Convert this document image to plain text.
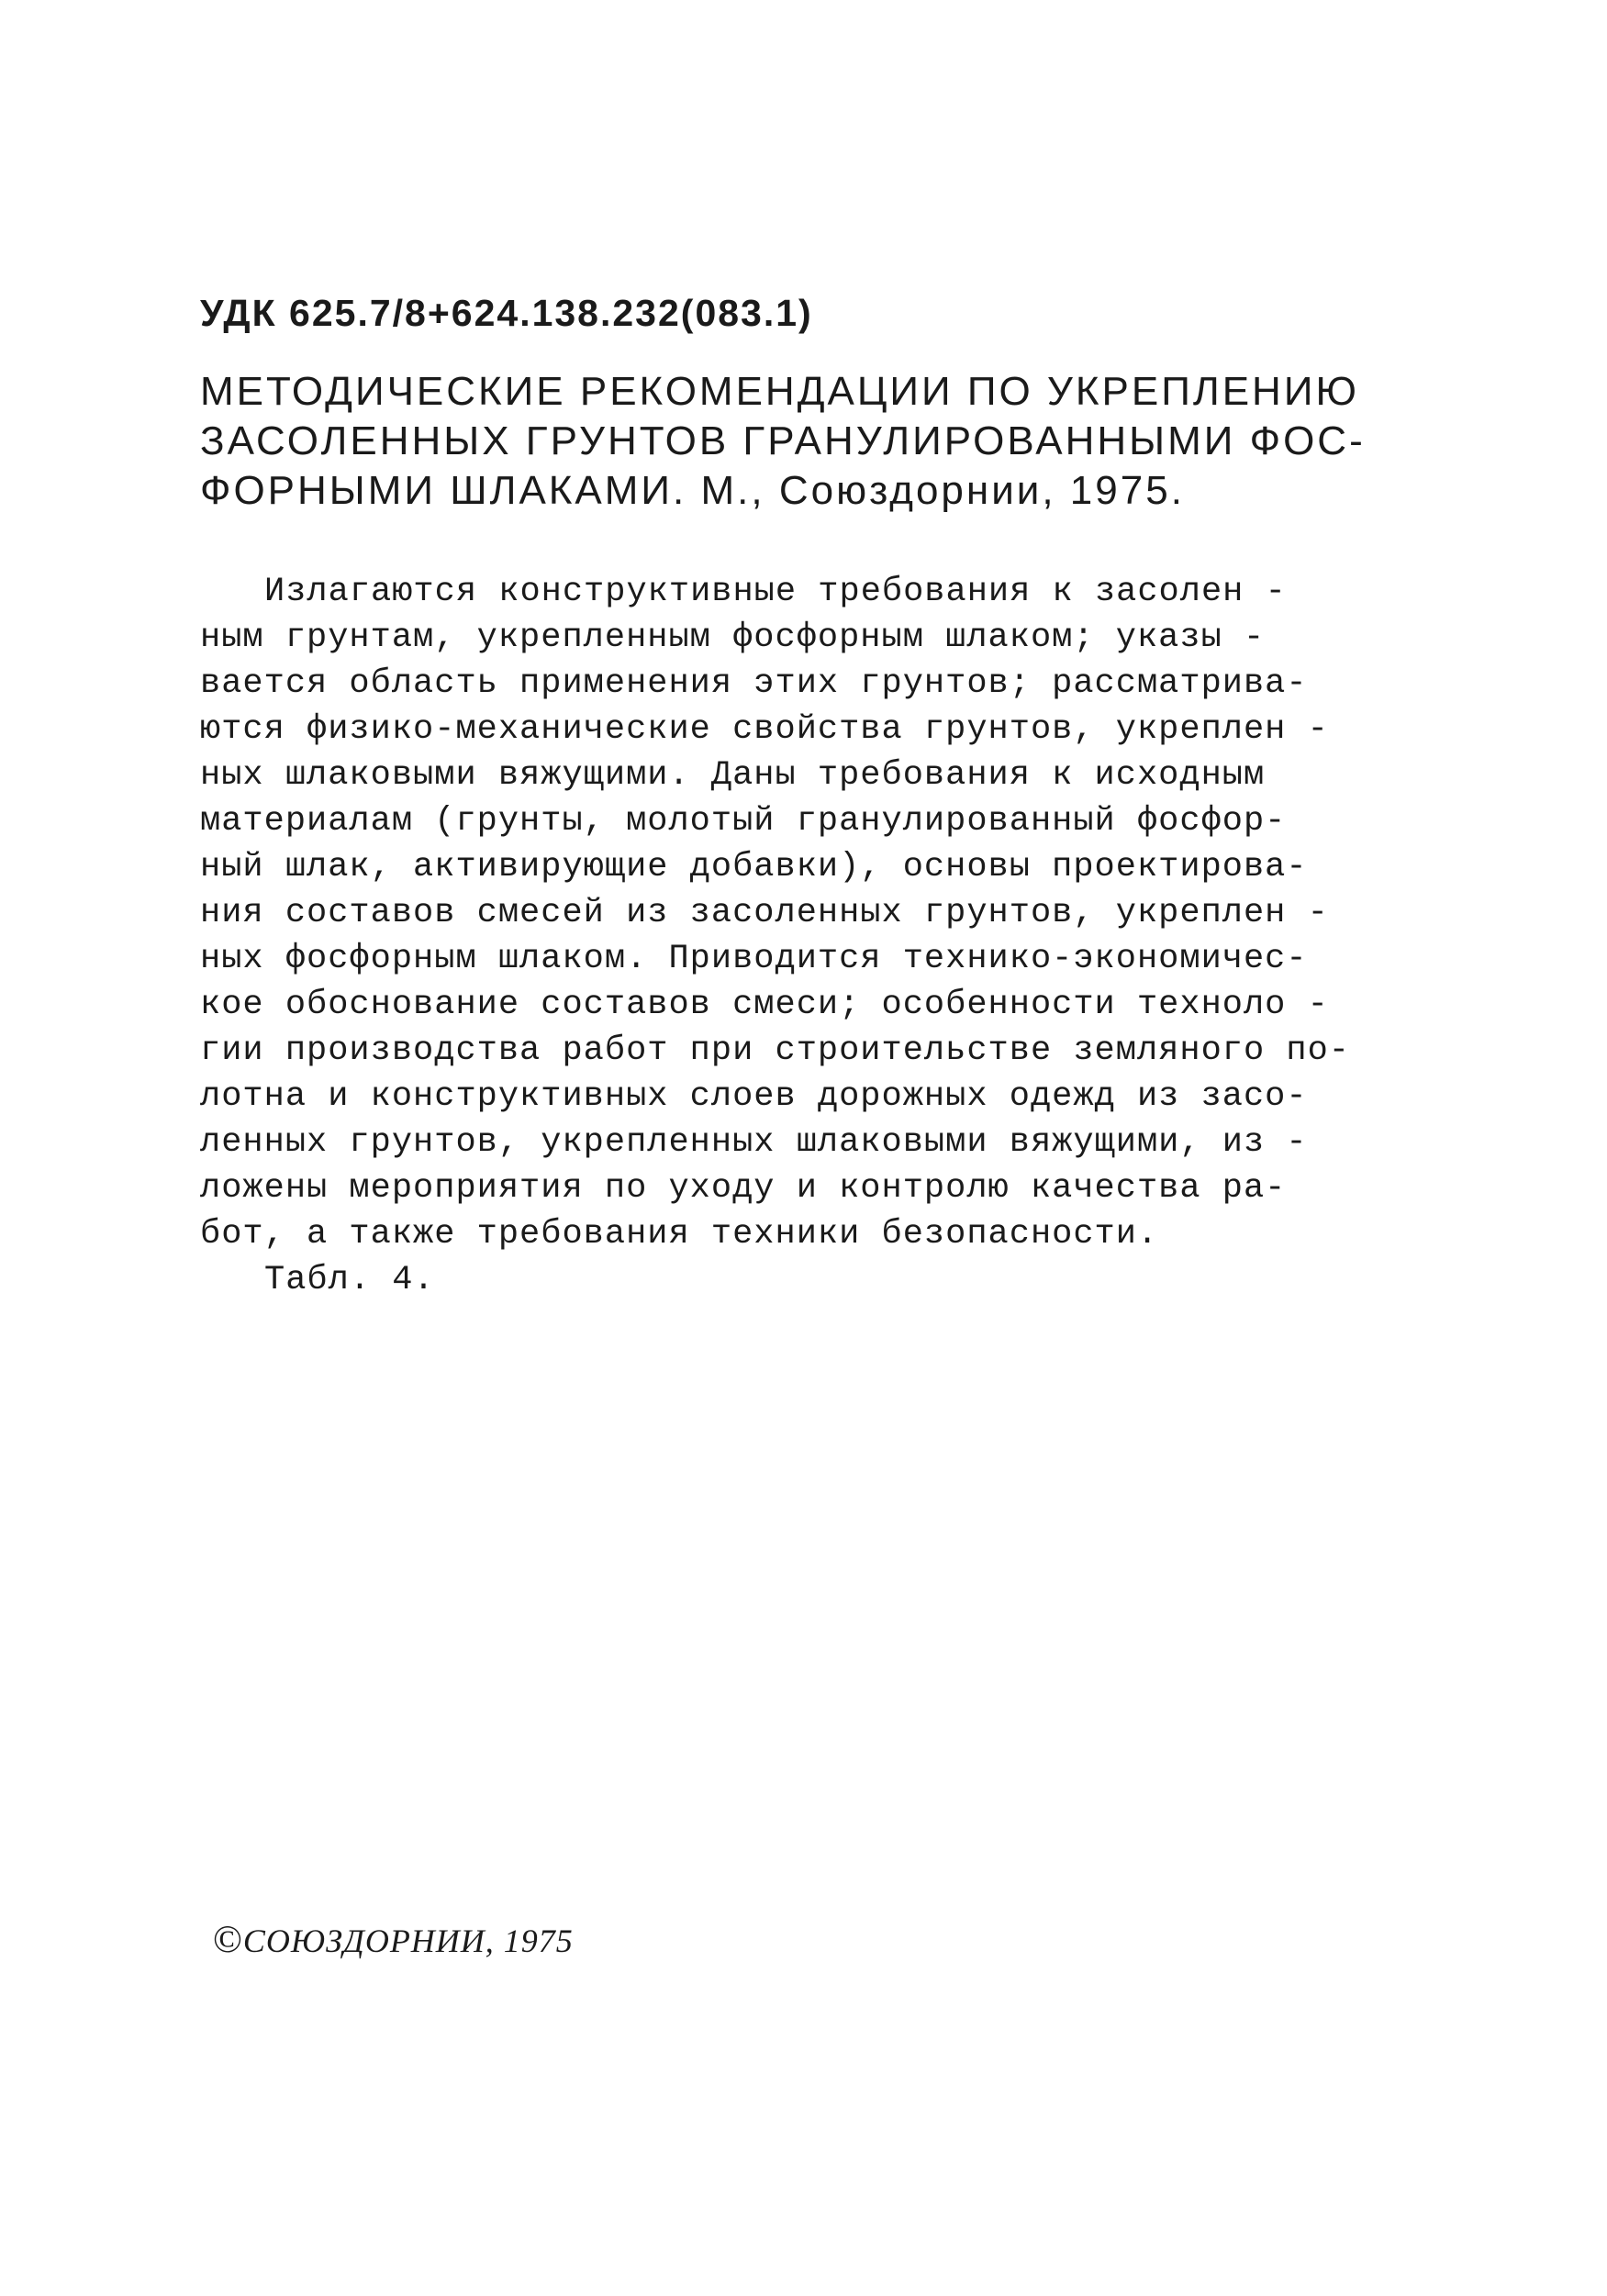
УДК 625.7/8+624.138.232(083.1)
МЕТОДИЧЕСКИЕ РЕКОМЕНДАЦИИ ПО УКРЕПЛЕНИЮ
ЗАСОЛЕННЫХ ГРУНТОВ ГРАНУЛИРОВАННЫМИ ФОС-
ФОРНЫМИ ШЛАКАМИ. М., Союздорнии, 1975.
Излагаются конструктивные требования к засолен -
ным грунтам, укрепленным фосфорным шлаком; указы -
вается область применения этих грунтов; рассматрива-
ются физико-механические свойства грунтов, укреплен -
ных шлаковыми вяжущими. Даны требования к исходным
материалам (грунты, молотый гранулированный фосфор-
ный шлак, активирующие добавки), основы проектирова-
ния составов смесей из засоленных грунтов, укреплен -
ных фосфорным шлаком. Приводится технико-экономичес-
кое обоснование составов смеси; особенности техноло -
гии производства работ при строительстве земляного по-
лотна и конструктивных слоев дорожных одежд из засо-
ленных грунтов, укрепленных шлаковыми вяжущими, из -
ложены мероприятия по уходу и контролю качества ра-
бот, а также требования техники безопасности.
Табл. 4.
©СОЮЗДОРНИИ, 1975
